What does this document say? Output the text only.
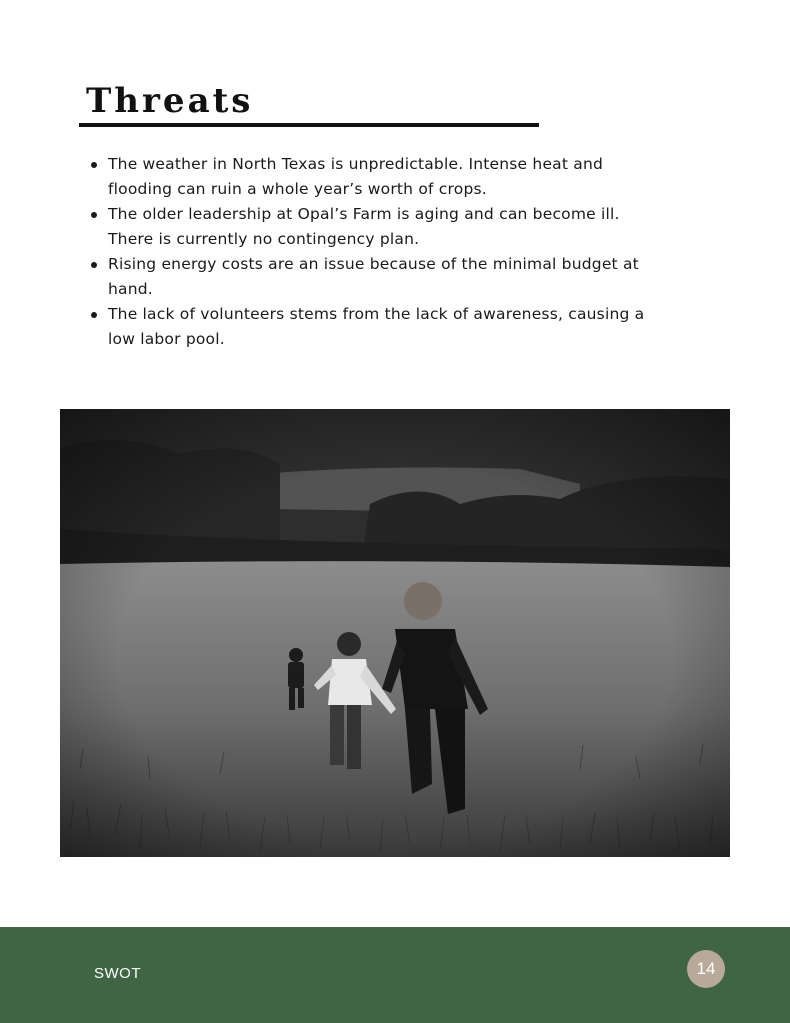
Threats
The weather in North Texas is unpredictable. Intense heat and flooding can ruin a whole year’s worth of crops.
The older leadership at Opal’s Farm is aging and can become ill. There is currently no contingency plan.
Rising energy costs are an issue because of the minimal budget at hand.
The lack of volunteers stems from the lack of awareness, causing a low labor pool.
SWOT	14
